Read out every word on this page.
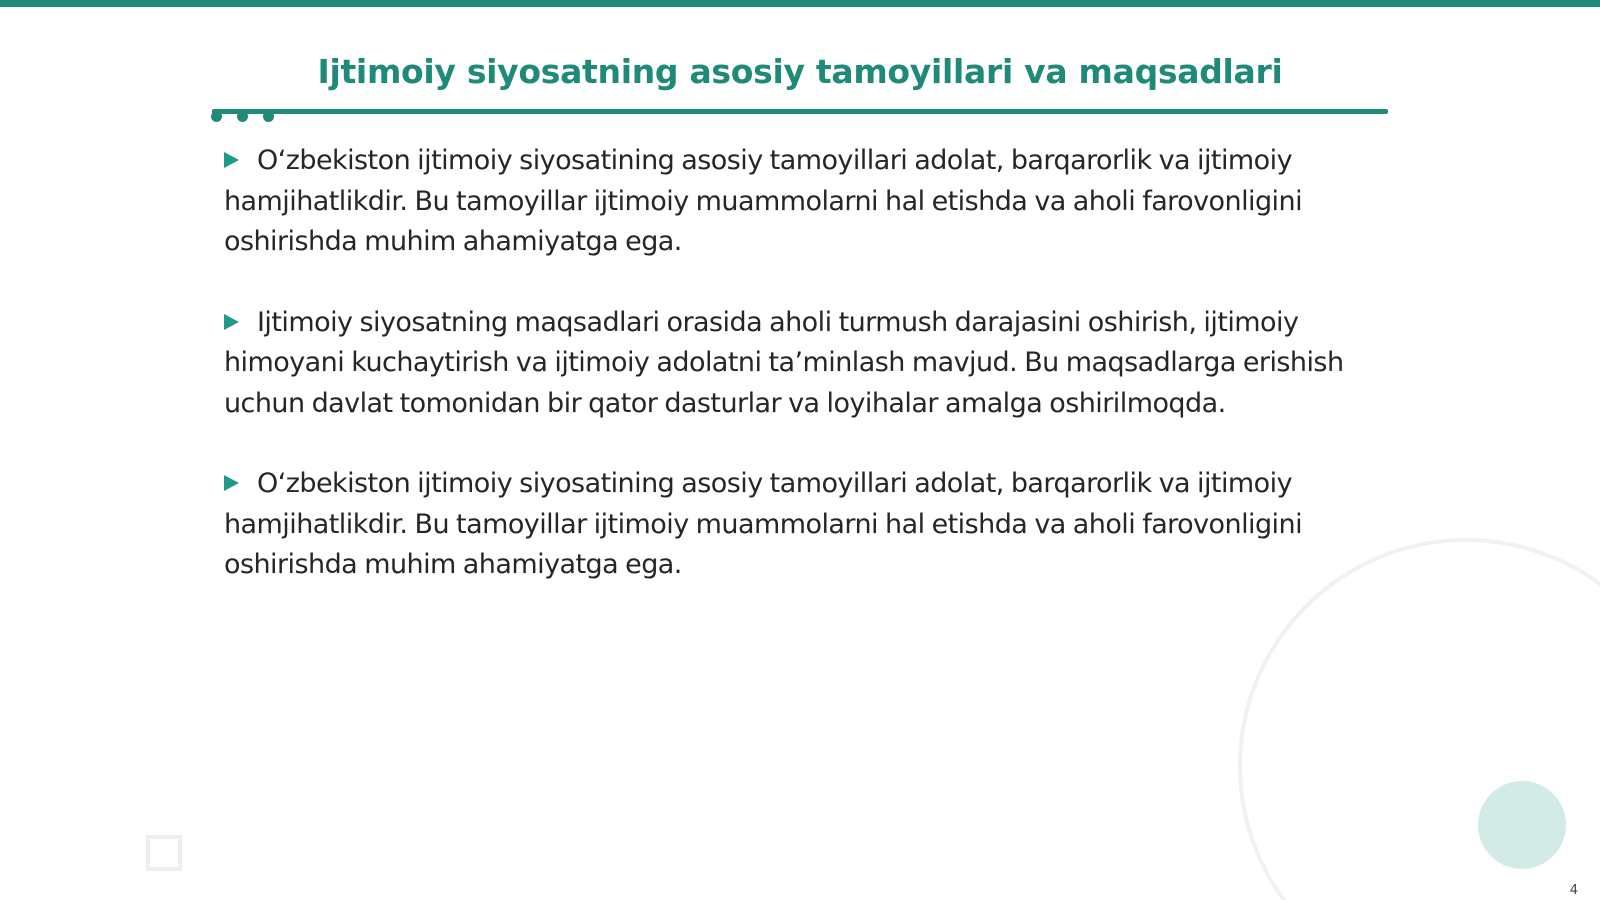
Ijtimoiy siyosatning asosiy tamoyillari va maqsadlari
O‘zbekiston ijtimoiy siyosatining asosiy tamoyillari adolat, barqarorlik va ijtimoiy hamjihatlikdir. Bu tamoyillar ijtimoiy muammolarni hal etishda va aholi farovonligini oshirishda muhim ahamiyatga ega.
Ijtimoiy siyosatning maqsadlari orasida aholi turmush darajasini oshirish, ijtimoiy himoyani kuchaytirish va ijtimoiy adolatni ta’minlash mavjud. Bu maqsadlarga erishish uchun davlat tomonidan bir qator dasturlar va loyihalar amalga oshirilmoqda.
O‘zbekiston ijtimoiy siyosatining asosiy tamoyillari adolat, barqarorlik va ijtimoiy hamjihatlikdir. Bu tamoyillar ijtimoiy muammolarni hal etishda va aholi farovonligini oshirishda muhim ahamiyatga ega.
4
